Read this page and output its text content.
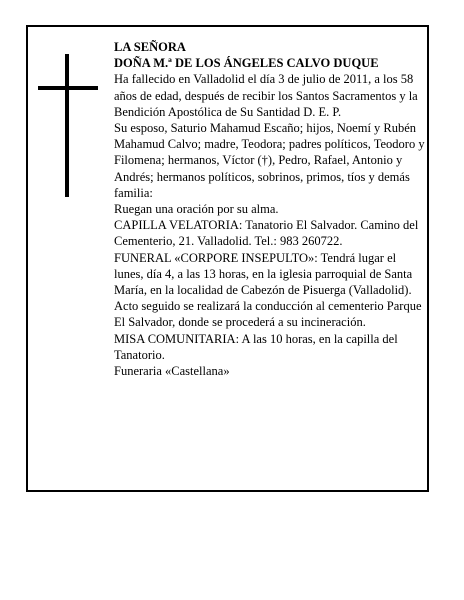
LA SEÑORA

DOÑA M.ª DE LOS ÁNGELES CALVO DUQUE

Ha fallecido en Valladolid el día 3 de julio de 2011, a los 58 años de edad, después de recibir los Santos Sacramentos y la Bendición Apostólica de Su Santidad D. E. P.

Su esposo, Saturio Mahamud Escaño; hijos, Noemí y Rubén Mahamud Calvo; madre, Teodora; padres políticos, Teodoro y Filomena; hermanos, Víctor (†), Pedro, Rafael, Antonio y Andrés; hermanos políticos, sobrinos, primos, tíos y demás familia:

Ruegan una oración por su alma.

CAPILLA VELATORIA: Tanatorio El Salvador. Camino del Cementerio, 21. Valladolid. Tel.: 983 260722.

FUNERAL «CORPORE INSEPULTO»: Tendrá lugar el lunes, día 4, a las 13 horas, en la iglesia parroquial de Santa María, en la localidad de Cabezón de Pisuerga (Valladolid). Acto seguido se realizará la conducción al cementerio Parque El Salvador, donde se procederá a su incineración.

MISA COMUNITARIA: A las 10 horas, en la capilla del Tanatorio.

Funeraria «Castellana»
